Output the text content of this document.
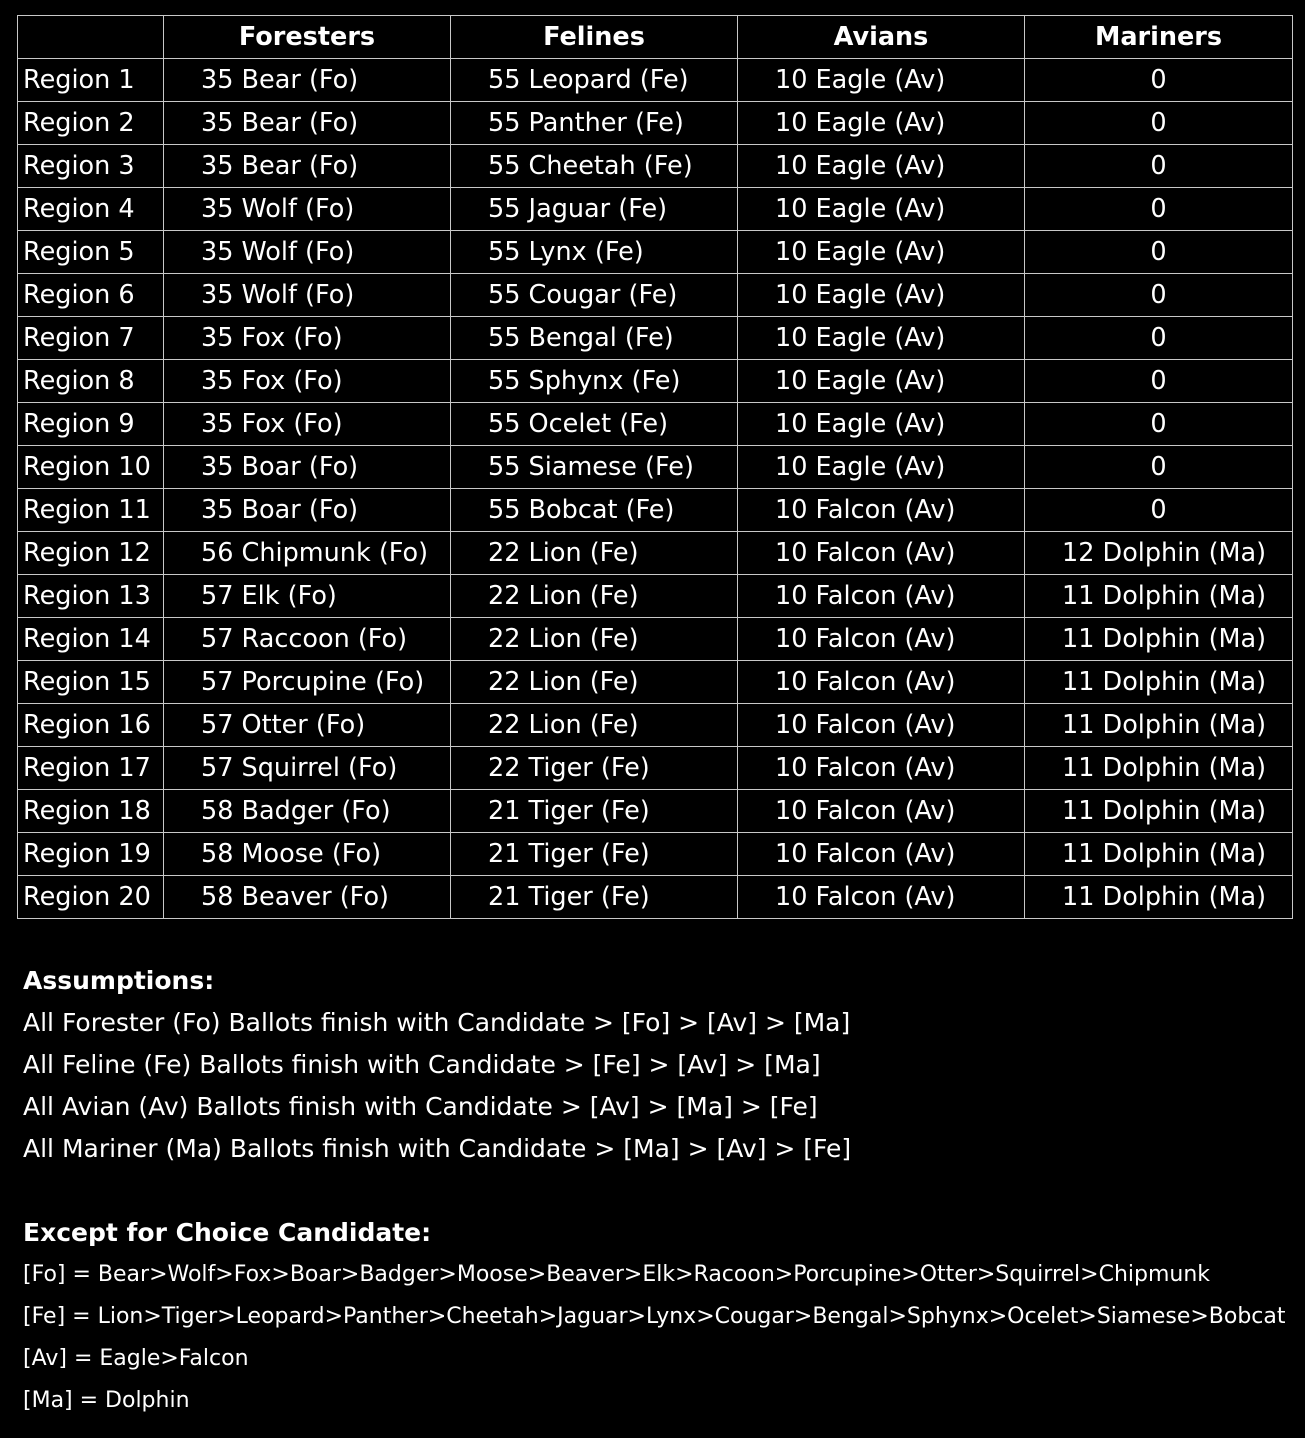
	Foresters	Felines	Avians	Mariners
Region 1	35 Bear (Fo)	55 Leopard (Fe)	10 Eagle (Av)	0
Region 2	35 Bear (Fo)	55 Panther (Fe)	10 Eagle (Av)	0
Region 3	35 Bear (Fo)	55 Cheetah (Fe)	10 Eagle (Av)	0
Region 4	35 Wolf (Fo)	55 Jaguar (Fe)	10 Eagle (Av)	0
Region 5	35 Wolf (Fo)	55 Lynx (Fe)	10 Eagle (Av)	0
Region 6	35 Wolf (Fo)	55 Cougar (Fe)	10 Eagle (Av)	0
Region 7	35 Fox (Fo)	55 Bengal (Fe)	10 Eagle (Av)	0
Region 8	35 Fox (Fo)	55 Sphynx (Fe)	10 Eagle (Av)	0
Region 9	35 Fox (Fo)	55 Ocelet (Fe)	10 Eagle (Av)	0
Region 10	35 Boar (Fo)	55 Siamese (Fe)	10 Eagle (Av)	0
Region 11	35 Boar (Fo)	55 Bobcat (Fe)	10 Falcon (Av)	0
Region 12	56 Chipmunk (Fo)	22 Lion (Fe)	10 Falcon (Av)	12 Dolphin (Ma)
Region 13	57 Elk (Fo)	22 Lion (Fe)	10 Falcon (Av)	11 Dolphin (Ma)
Region 14	57 Raccoon (Fo)	22 Lion (Fe)	10 Falcon (Av)	11 Dolphin (Ma)
Region 15	57 Porcupine (Fo)	22 Lion (Fe)	10 Falcon (Av)	11 Dolphin (Ma)
Region 16	57 Otter (Fo)	22 Lion (Fe)	10 Falcon (Av)	11 Dolphin (Ma)
Region 17	57 Squirrel (Fo)	22 Tiger (Fe)	10 Falcon (Av)	11 Dolphin (Ma)
Region 18	58 Badger (Fo)	21 Tiger (Fe)	10 Falcon (Av)	11 Dolphin (Ma)
Region 19	58 Moose (Fo)	21 Tiger (Fe)	10 Falcon (Av)	11 Dolphin (Ma)
Region 20	58 Beaver (Fo)	21 Tiger (Fe)	10 Falcon (Av)	11 Dolphin (Ma)
Assumptions:
All Forester (Fo) Ballots finish with Candidate > [Fo] > [Av] > [Ma]
All Feline (Fe) Ballots finish with Candidate > [Fe] > [Av] > [Ma]
All Avian (Av) Ballots finish with Candidate > [Av] > [Ma] > [Fe]
All Mariner (Ma) Ballots finish with Candidate > [Ma] > [Av] > [Fe]
Except for Choice Candidate:
[Fo] = Bear>Wolf>Fox>Boar>Badger>Moose>Beaver>Elk>Racoon>Porcupine>Otter>Squirrel>Chipmunk
[Fe] = Lion>Tiger>Leopard>Panther>Cheetah>Jaguar>Lynx>Cougar>Bengal>Sphynx>Ocelet>Siamese>Bobcat
[Av] = Eagle>Falcon
[Ma] = Dolphin
